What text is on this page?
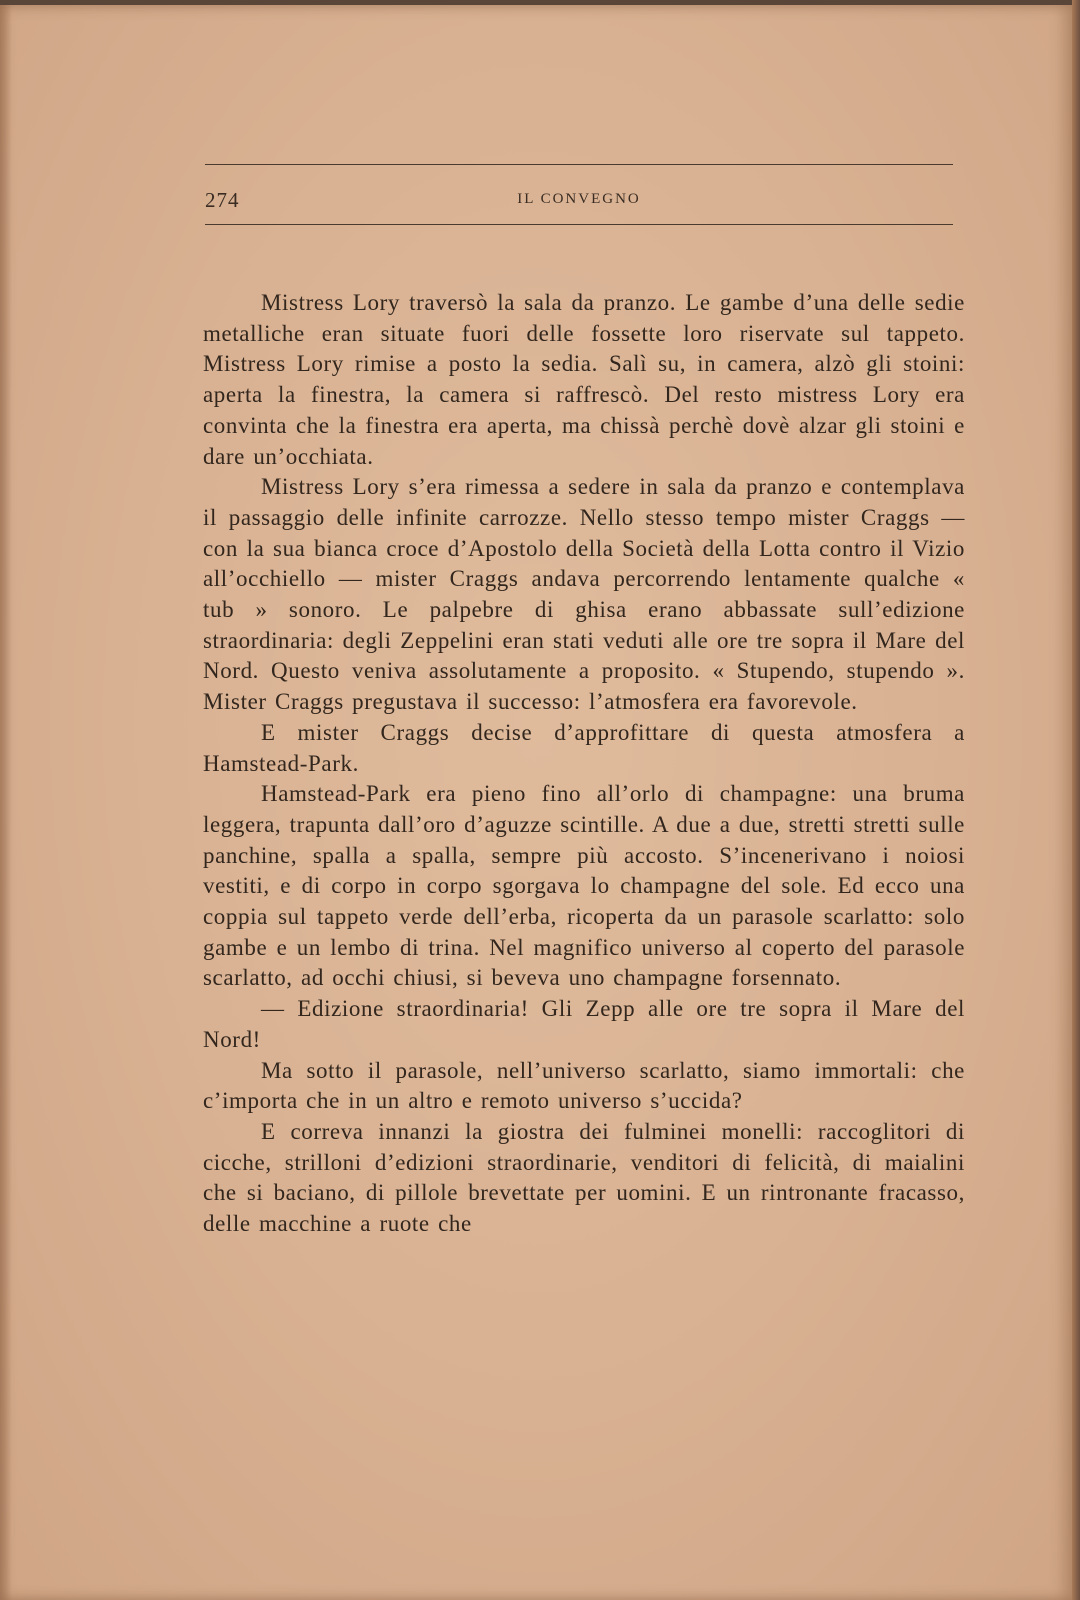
274	IL CONVEGNO

Mistress Lory traversò la sala da pranzo. Le gambe d’una delle sedie metalliche eran situate fuori delle fossette loro riservate sul tappeto. Mistress Lory rimise a posto la sedia. Salì su, in camera, alzò gli stoini: aperta la finestra, la camera si raffrescò. Del resto mistress Lory era convinta che la finestra era aperta, ma chissà perchè dovè alzar gli stoini e dare un’occhiata.

Mistress Lory s’era rimessa a sedere in sala da pranzo e contemplava il passaggio delle infinite carrozze. Nello stesso tempo mister Craggs — con la sua bianca croce d’Apostolo della Società della Lotta contro il Vizio all’occhiello — mister Craggs andava percorrendo lentamente qualche « tub » sonoro. Le palpebre di ghisa erano abbassate sull’edizione straordinaria: degli Zeppelini eran stati veduti alle ore tre sopra il Mare del Nord. Questo veniva assolutamente a proposito. « Stupendo, stupendo ». Mister Craggs pregustava il successo: l’atmosfera era favorevole.

E mister Craggs decise d’approfittare di questa atmosfera a Hamstead-Park.

Hamstead-Park era pieno fino all’orlo di champagne: una bruma leggera, trapunta dall’oro d’aguzze scintille. A due a due, stretti stretti sulle panchine, spalla a spalla, sempre più accosto. S’incenerivano i noiosi vestiti, e di corpo in corpo sgorgava lo champagne del sole. Ed ecco una coppia sul tappeto verde dell’erba, ricoperta da un parasole scarlatto: solo gambe e un lembo di trina. Nel magnifico universo al coperto del parasole scarlatto, ad occhi chiusi, si beveva uno champagne forsennato.

— Edizione straordinaria! Gli Zepp alle ore tre sopra il Mare del Nord!

Ma sotto il parasole, nell’universo scarlatto, siamo immortali: che c’importa che in un altro e remoto universo s’uccida?

E correva innanzi la giostra dei fulminei monelli: raccoglitori di cicche, strilloni d’edizioni straordinarie, venditori di felicità, di maialini che si baciano, di pillole brevettate per uomini. E un rintronante fracasso, delle macchine a ruote che
